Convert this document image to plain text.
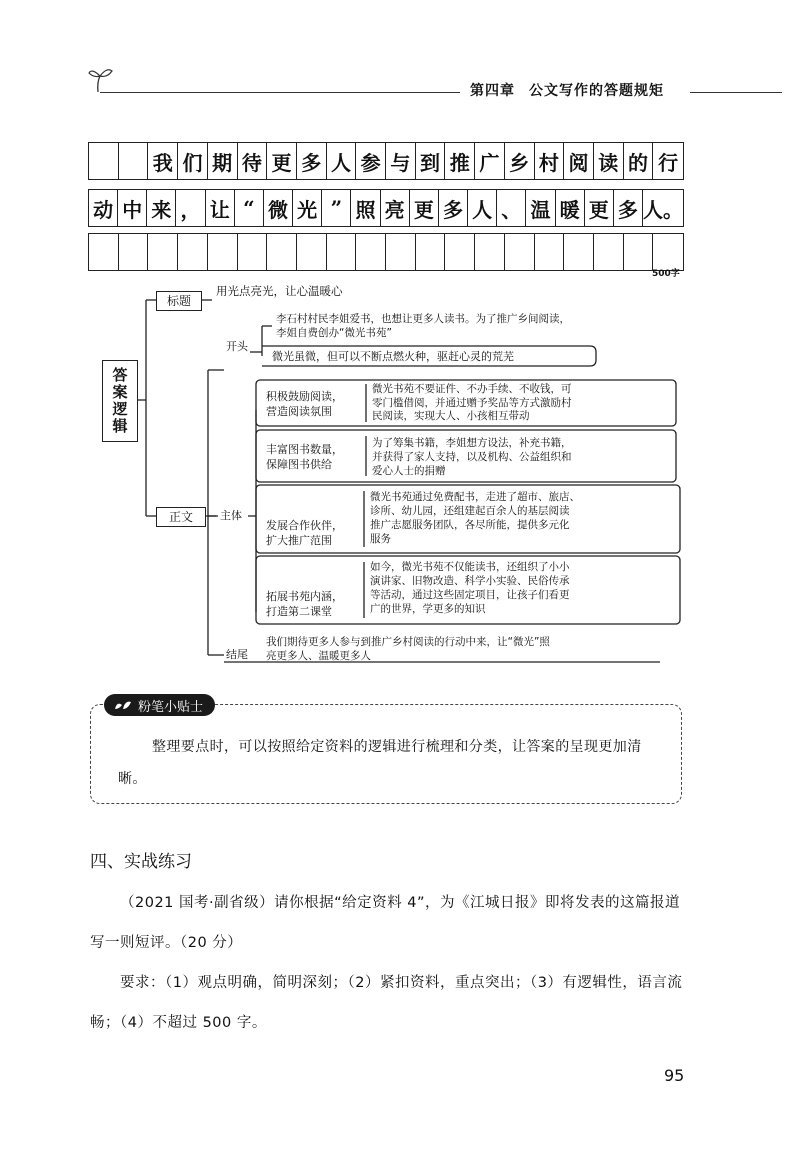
第四章 公文写作的答题规矩
我 们 期 待 更 多 人 参 与 到 推 广 乡 村 阅 读 的 行
动 中 来 ， 让 “ 微 光 ” 照 亮 更 多 人 、 温 暖 更 多 人。
500字
答案逻辑
标题
用光点亮光，让心温暖心
正文
开头
李石村村民李姐爱书，也想让更多人读书。为了推广乡间阅读，
李姐自费创办“微光书苑”
微光虽微，但可以不断点燃火种，驱赶心灵的荒芜
主体
积极鼓励阅读，
营造阅读氛围
微光书苑不要证件、不办手续、不收钱，可
零门槛借阅，并通过赠予奖品等方式激励村
民阅读，实现大人、小孩相互带动
丰富图书数量，
保障图书供给
为了筹集书籍，李姐想方设法，补充书籍，
并获得了家人支持，以及机构、公益组织和
爱心人士的捐赠
发展合作伙伴，
扩大推广范围
微光书苑通过免费配书，走进了超市、旅店、
诊所、幼儿园，还组建起百余人的基层阅读
推广志愿服务团队，各尽所能，提供多元化
服务
拓展书苑内涵，
打造第二课堂
如今，微光书苑不仅能读书，还组织了小小
演讲家、旧物改造、科学小实验、民俗传承
等活动，通过这些固定项目，让孩子们看更
广的世界，学更多的知识
结尾
我们期待更多人参与到推广乡村阅读的行动中来，让“微光”照
亮更多人、温暖更多人
粉笔小贴士
整理要点时，可以按照给定资料的逻辑进行梳理和分类，让答案的呈现更加清晰。
四、实战练习
（2021 国考·副省级）请你根据“给定资料 4”，为《江城日报》即将发表的这篇报道写一则短评。（20 分）
要求：（1）观点明确，简明深刻；（2）紧扣资料，重点突出；（3）有逻辑性，语言流畅；（4）不超过 500 字。
95
